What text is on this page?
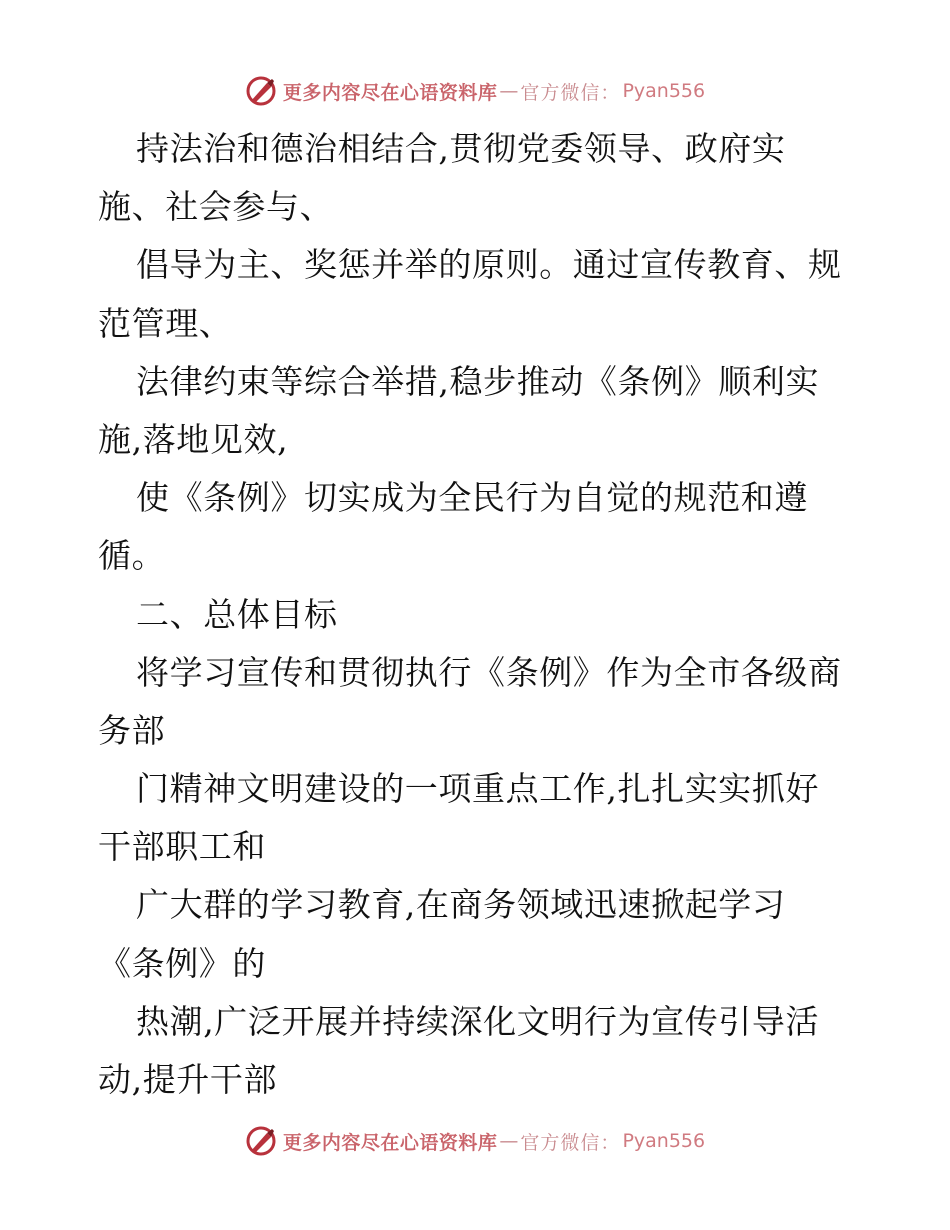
更多内容尽在心语资料库 — 官方微信： Pyan556
持法治和德治相结合,贯彻党委领导、政府实
施、社会参与、
倡导为主、奖惩并举的原则。通过宣传教育、规
范管理、
法律约束等综合举措,稳步推动《条例》顺利实
施,落地见效,
使《条例》切实成为全民行为自觉的规范和遵
循。
二、总体目标
将学习宣传和贯彻执行《条例》作为全市各级商
务部
门精神文明建设的一项重点工作,扎扎实实抓好
干部职工和
广大群的学习教育,在商务领域迅速掀起学习
《条例》的
热潮,广泛开展并持续深化文明行为宣传引导活
动,提升干部
更多内容尽在心语资料库 — 官方微信： Pyan556
